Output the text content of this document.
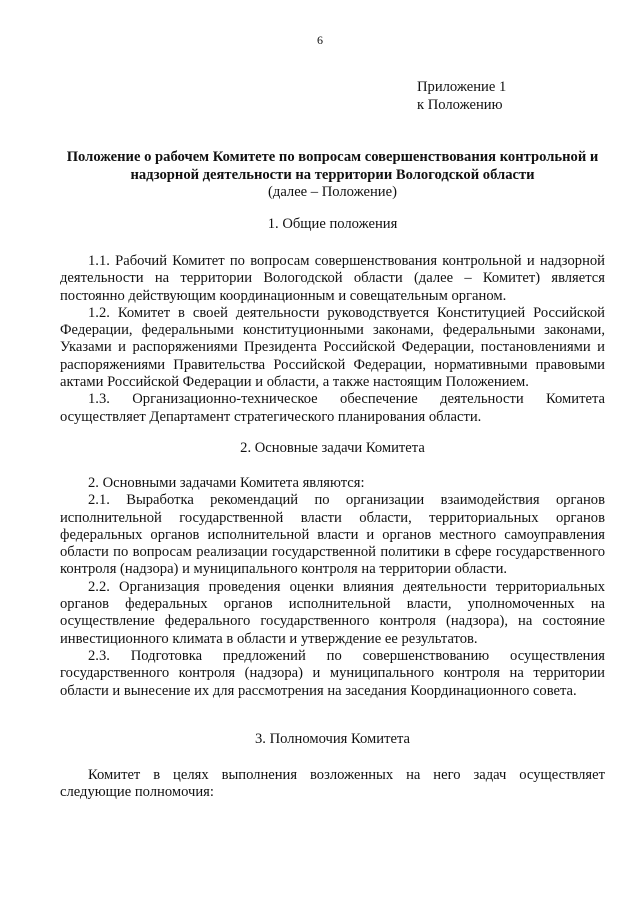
6
Приложение 1
к Положению
Положение о рабочем Комитете по вопросам совершенствования контрольной и надзорной деятельности на территории Вологодской области
(далее – Положение)
1. Общие положения

1.1. Рабочий Комитет по вопросам совершенствования контрольной и надзорной деятельности на территории Вологодской области (далее – Комитет) является постоянно действующим координационным и совещательным органом.

1.2. Комитет в своей деятельности руководствуется Конституцией Российской Федерации, федеральными конституционными законами, федеральными законами, Указами и распоряжениями Президента Российской Федерации, постановлениями и распоряжениями Правительства Российской Федерации, нормативными правовыми актами Российской Федерации и области, а также настоящим Положением.

1.3. Организационно-техническое обеспечение деятельности Комитета осуществляет Департамент стратегического планирования области.

2. Основные задачи Комитета

2. Основными задачами Комитета являются:

2.1. Выработка рекомендаций по организации взаимодействия органов исполнительной государственной власти области, территориальных органов федеральных органов исполнительной власти и органов местного самоуправления области по вопросам реализации государственной политики в сфере государственного контроля (надзора) и муниципального контроля на территории области.

2.2. Организация проведения оценки влияния деятельности территориальных органов федеральных органов исполнительной власти, уполномоченных на осуществление федерального государственного контроля (надзора), на состояние инвестиционного климата в области и утверждение ее результатов.

2.3. Подготовка предложений по совершенствованию осуществления государственного контроля (надзора) и муниципального контроля на территории области и вынесение их для рассмотрения на заседания Координационного совета.

3. Полномочия Комитета

Комитет в целях выполнения возложенных на него задач осуществляет следующие полномочия:
